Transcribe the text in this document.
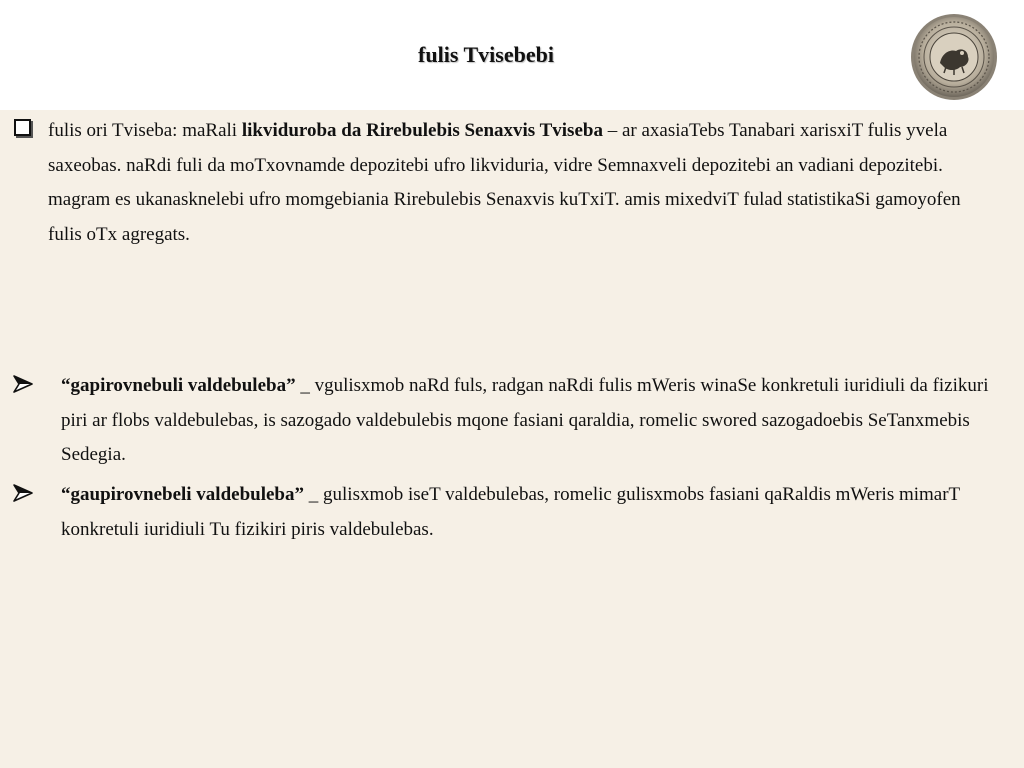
fulis Tvisebebi
fulis ori Tviseba: maRali likviduroba da Rirebulebis Senaxvis Tviseba – ar axasiaTebs Tanabari xarisxiT fulis yvela saxeobas. naRdi fuli da moTxovnamde depozitebi ufro likviduria, vidre Semnaxveli depozitebi an vadiani depozitebi. magram es ukanasknelebi ufro momgebiania Rirebulebis Senaxvis kuTxiT. amis mixedviT fulad statistikaSi gamoyofen fulis oTx agregats.
“gapirovnebuli valdebuleba” _ vgulisxmob naRd fuls, radgan naRdi fulis mWeris winaSe konkretuli iuridiuli da fizikuri piri ar flobs valdebulebas, is sazogado valdebulebis mqone fasiani qaraldia, romelic swored sazogadoebis SeTanxmebis Sedegia.
“gaupirovnebeli valdebuleba” _ gulisxmob iseT valdebulebas, romelic gulisxmobs fasiani qaRaldis mWeris mimarT konkretuli iuridiuli Tu fizikiri piris valdebulebas.
